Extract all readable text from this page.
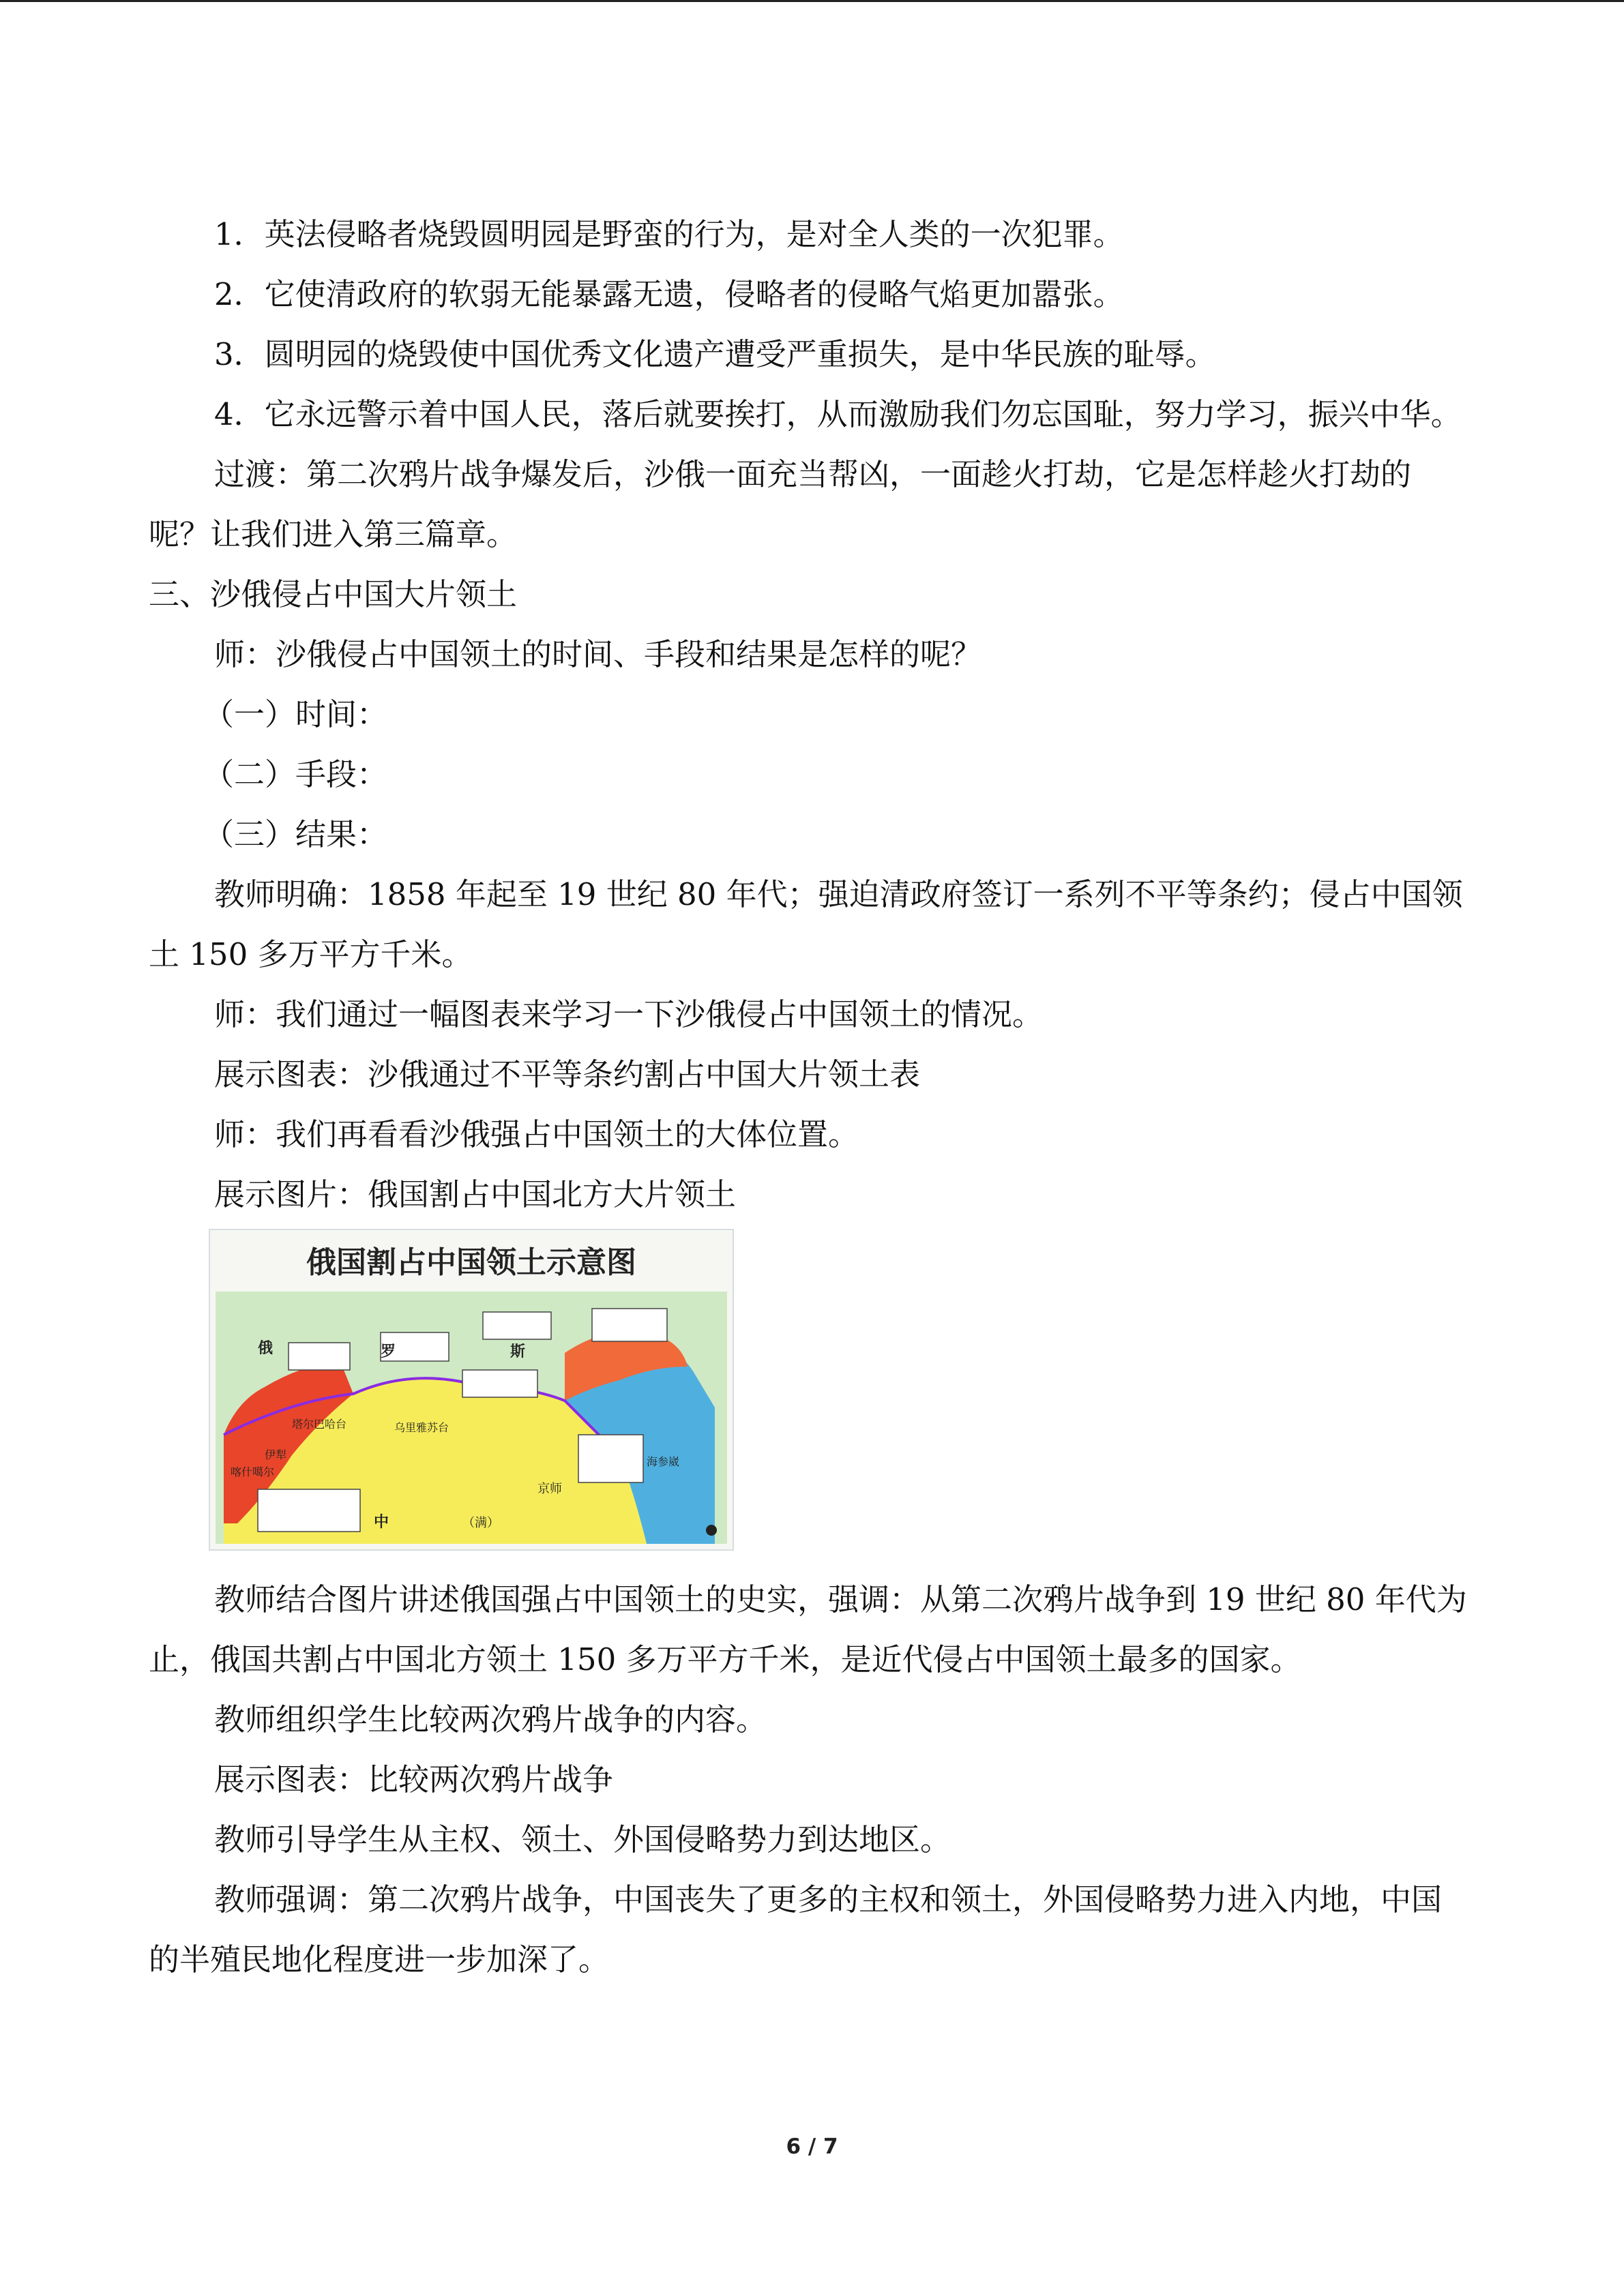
1．英法侵略者烧毁圆明园是野蛮的行为，是对全人类的一次犯罪。

2．它使清政府的软弱无能暴露无遗，侵略者的侵略气焰更加嚣张。

3．圆明园的烧毁使中国优秀文化遗产遭受严重损失，是中华民族的耻辱。

4．它永远警示着中国人民，落后就要挨打，从而激励我们勿忘国耻，努力学习，振兴中华。

过渡：第二次鸦片战争爆发后，沙俄一面充当帮凶，一面趁火打劫，它是怎样趁火打劫的呢？让我们进入第三篇章。

三、沙俄侵占中国大片领土

师：沙俄侵占中国领土的时间、手段和结果是怎样的呢？

（一）时间：

（二）手段：

（三）结果：

教师明确：1858 年起至 19 世纪 80 年代；强迫清政府签订一系列不平等条约；侵占中国领土 150 多万平方千米。

师：我们通过一幅图表来学习一下沙俄侵占中国领土的情况。

展示图表：沙俄通过不平等条约割占中国大片领土表

师：我们再看看沙俄强占中国领土的大体位置。

展示图片：俄国割占中国北方大片领土

俄国割占中国领土示意图
俄	罗	斯
中	（满）
京师
乌里雅苏台
伊犁
喀什噶尔
塔尔巴哈台
海参崴

教师结合图片讲述俄国强占中国领土的史实，强调：从第二次鸦片战争到 19 世纪 80 年代为止，俄国共割占中国北方领土 150 多万平方千米，是近代侵占中国领土最多的国家。

教师组织学生比较两次鸦片战争的内容。

展示图表：比较两次鸦片战争

教师引导学生从主权、领土、外国侵略势力到达地区。

教师强调：第二次鸦片战争，中国丧失了更多的主权和领土，外国侵略势力进入内地，中国的半殖民地化程度进一步加深了。

6 / 7
